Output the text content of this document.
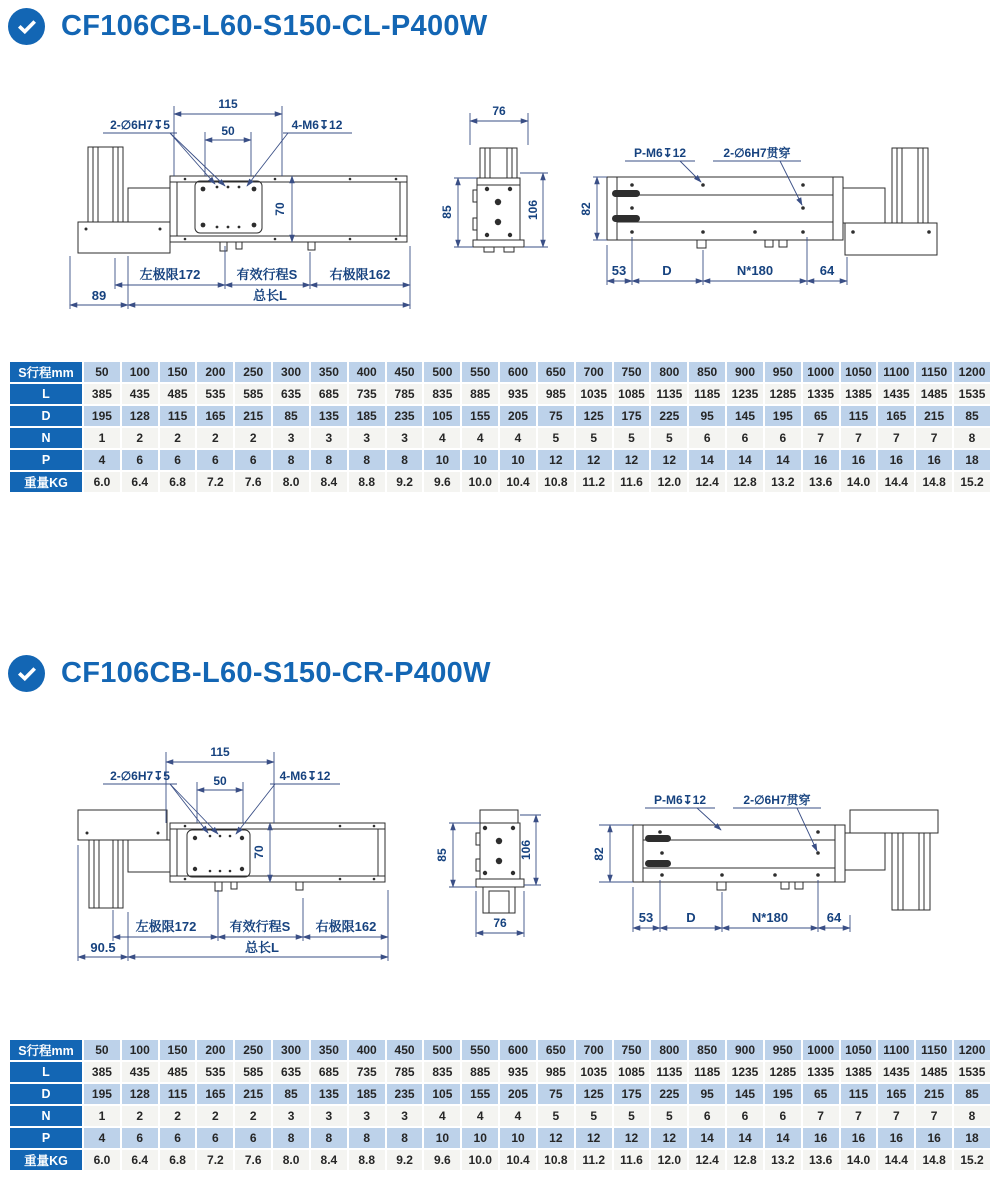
CF106CB-L60-S150-CL-P400W
115
50
2-∅6H7↧5	4-M6↧12
70
左极限172	有效行程S 右极限162
89	总长L
76
85	106
P-M6↧12	2-∅6H7贯穿
82
53	D	N*180	64
S行程mm	50	100	150	200	250	300	350	400	450	500	550	600	650	700	750	800	850	900	950	1000	1050	1100	1150	1200
L	385	435	485	535	585	635	685	735	785	835	885	935	985	1035	1085	1135	1185	1235	1285	1335	1385	1435	1485	1535
D	195	128	115	165	215	85	135	185	235	105	155	205	75	125	175	225	95	145	195	65	115	165	215	85
N	1	2	2	2	2	3	3	3	3	4	4	4	5	5	5	5	6	6	6	7	7	7	7	8
P	4	6	6	6	6	8	8	8	8	10	10	10	12	12	12	12	14	14	14	16	16	16	16	18
重量KG	6.0	6.4	6.8	7.2	7.6	8.0	8.4	8.8	9.2	9.6	10.0	10.4	10.8	11.2	11.6	12.0	12.4	12.8	13.2	13.6	14.0	14.4	14.8	15.2
CF106CB-L60-S150-CR-P400W
115
50
2-∅6H7↧5	4-M6↧12
70
左极限172	有效行程S 右极限162
90.5	总长L
85	106
76
P-M6↧12	2-∅6H7贯穿
82
53	D	N*180	64
S行程mm	50	100	150	200	250	300	350	400	450	500	550	600	650	700	750	800	850	900	950	1000	1050	1100	1150	1200
L	385	435	485	535	585	635	685	735	785	835	885	935	985	1035	1085	1135	1185	1235	1285	1335	1385	1435	1485	1535
D	195	128	115	165	215	85	135	185	235	105	155	205	75	125	175	225	95	145	195	65	115	165	215	85
N	1	2	2	2	2	3	3	3	3	4	4	4	5	5	5	5	6	6	6	7	7	7	7	8
P	4	6	6	6	6	8	8	8	8	10	10	10	12	12	12	12	14	14	14	16	16	16	16	18
重量KG	6.0	6.4	6.8	7.2	7.6	8.0	8.4	8.8	9.2	9.6	10.0	10.4	10.8	11.2	11.6	12.0	12.4	12.8	13.2	13.6	14.0	14.4	14.8	15.2
